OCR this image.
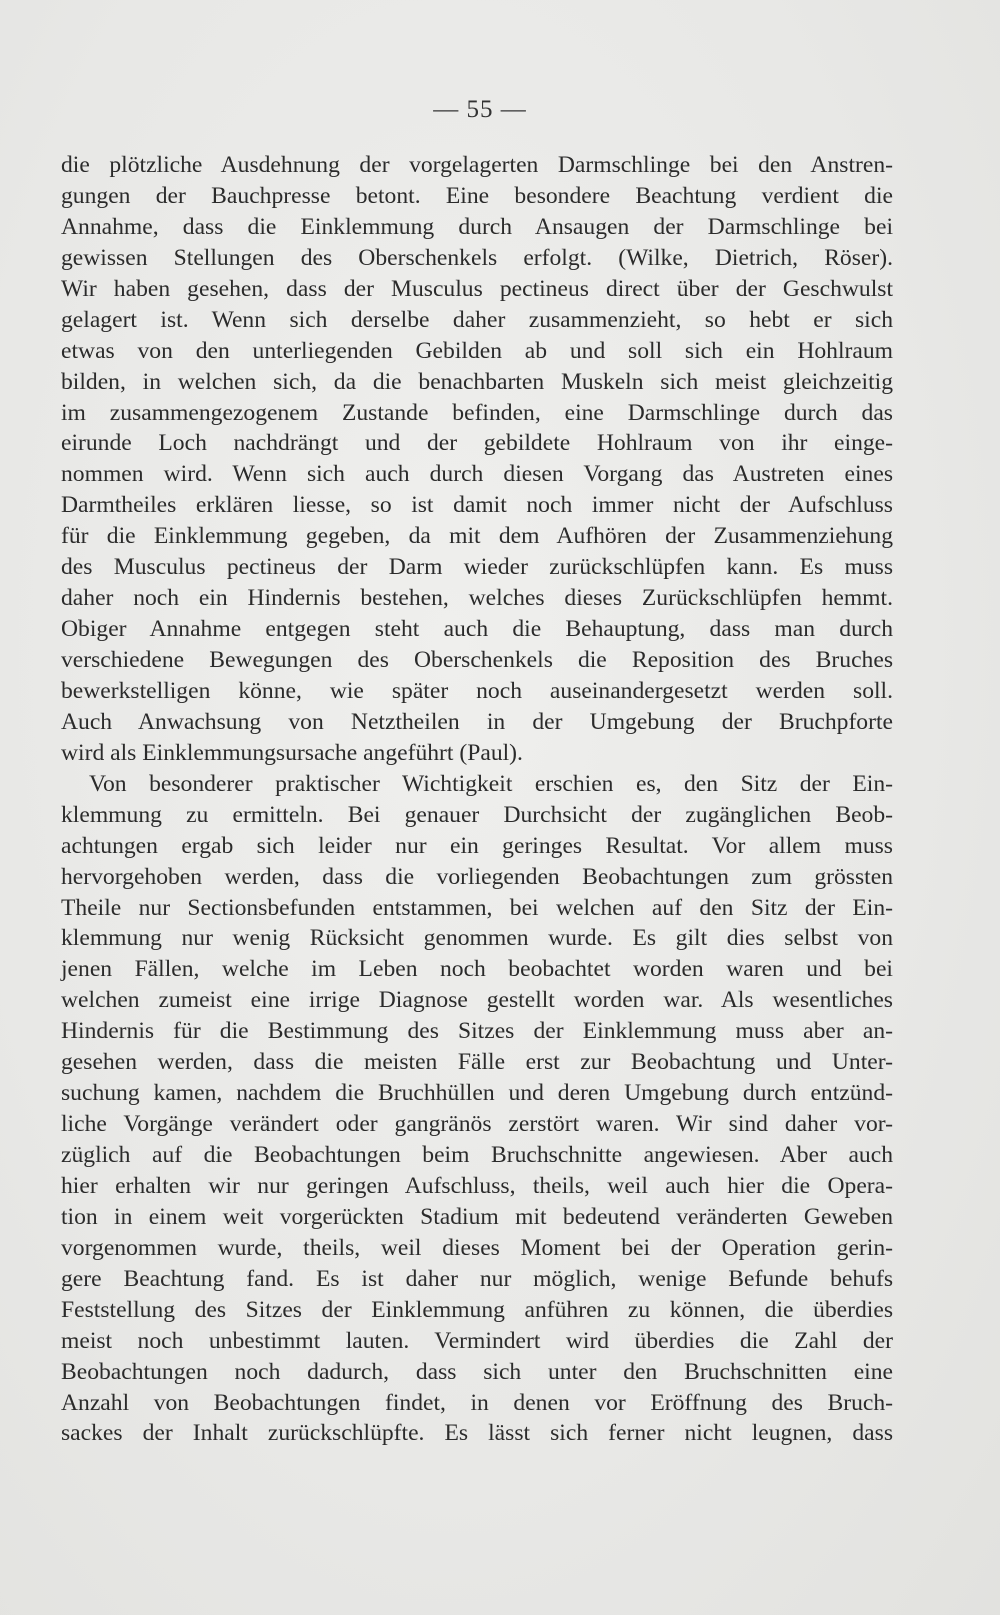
— 55 —
die plötzliche Ausdehnung der vorgelagerten Darmschlinge bei den Anstren-
gungen der Bauchpresse betont. Eine besondere Beachtung verdient die
Annahme, dass die Einklemmung durch Ansaugen der Darmschlinge bei
gewissen Stellungen des Oberschenkels erfolgt. (Wilke, Dietrich, Röser).
Wir haben gesehen, dass der Musculus pectineus direct über der Geschwulst
gelagert ist. Wenn sich derselbe daher zusammenzieht, so hebt er sich
etwas von den unterliegenden Gebilden ab und soll sich ein Hohlraum
bilden, in welchen sich, da die benachbarten Muskeln sich meist gleichzeitig
im zusammengezogenem Zustande befinden, eine Darmschlinge durch das
eirunde Loch nachdrängt und der gebildete Hohlraum von ihr einge-
nommen wird. Wenn sich auch durch diesen Vorgang das Austreten eines
Darmtheiles erklären liesse, so ist damit noch immer nicht der Aufschluss
für die Einklemmung gegeben, da mit dem Aufhören der Zusammenziehung
des Musculus pectineus der Darm wieder zurückschlüpfen kann. Es muss
daher noch ein Hindernis bestehen, welches dieses Zurückschlüpfen hemmt.
Obiger Annahme entgegen steht auch die Behauptung, dass man durch
verschiedene Bewegungen des Oberschenkels die Reposition des Bruches
bewerkstelligen könne, wie später noch auseinandergesetzt werden soll.
Auch Anwachsung von Netztheilen in der Umgebung der Bruchpforte
wird als Einklemmungsursache angeführt (Paul).
Von besonderer praktischer Wichtigkeit erschien es, den Sitz der Ein-
klemmung zu ermitteln. Bei genauer Durchsicht der zugänglichen Beob-
achtungen ergab sich leider nur ein geringes Resultat. Vor allem muss
hervorgehoben werden, dass die vorliegenden Beobachtungen zum grössten
Theile nur Sectionsbefunden entstammen, bei welchen auf den Sitz der Ein-
klemmung nur wenig Rücksicht genommen wurde. Es gilt dies selbst von
jenen Fällen, welche im Leben noch beobachtet worden waren und bei
welchen zumeist eine irrige Diagnose gestellt worden war. Als wesentliches
Hindernis für die Bestimmung des Sitzes der Einklemmung muss aber an-
gesehen werden, dass die meisten Fälle erst zur Beobachtung und Unter-
suchung kamen, nachdem die Bruchhüllen und deren Umgebung durch entzünd-
liche Vorgänge verändert oder gangränös zerstört waren. Wir sind daher vor-
züglich auf die Beobachtungen beim Bruchschnitte angewiesen. Aber auch
hier erhalten wir nur geringen Aufschluss, theils, weil auch hier die Opera-
tion in einem weit vorgerückten Stadium mit bedeutend veränderten Geweben
vorgenommen wurde, theils, weil dieses Moment bei der Operation gerin-
gere Beachtung fand. Es ist daher nur möglich, wenige Befunde behufs
Feststellung des Sitzes der Einklemmung anführen zu können, die überdies
meist noch unbestimmt lauten. Vermindert wird überdies die Zahl der
Beobachtungen noch dadurch, dass sich unter den Bruchschnitten eine
Anzahl von Beobachtungen findet, in denen vor Eröffnung des Bruch-
sackes der Inhalt zurückschlüpfte. Es lässt sich ferner nicht leugnen, dass
